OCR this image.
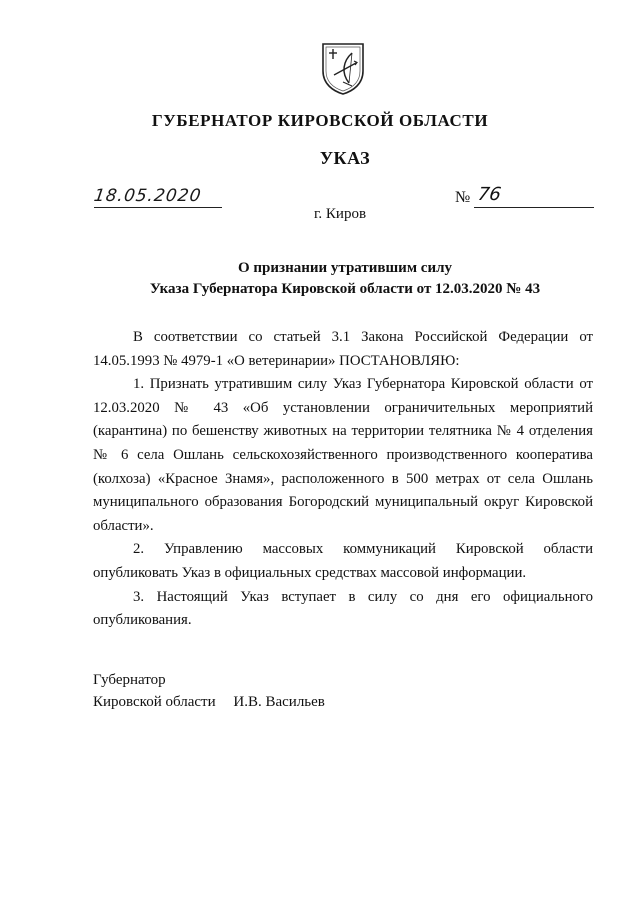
ГУБЕРНАТОР КИРОВСКОЙ ОБЛАСТИ
УКАЗ
18.05.2020	№ 76
г. Киров
О признании утратившим силу
Указа Губернатора Кировской области от 12.03.2020 № 43

В соответствии со статьей 3.1 Закона Российской Федерации от 14.05.1993 № 4979-1 «О ветеринарии» ПОСТАНОВЛЯЮ:

1. Признать утратившим силу Указ Губернатора Кировской области от 12.03.2020 № 43 «Об установлении ограничительных мероприятий (карантина) по бешенству животных на территории телятника № 4 отделения № 6 села Ошлань сельскохозяйственного производственного кооператива (колхоза) «Красное Знамя», расположенного в 500 метрах от села Ошлань муниципального образования Богородский муниципальный округ Кировской области».

2. Управлению массовых коммуникаций Кировской области опубликовать Указ в официальных средствах массовой информации.

3. Настоящий Указ вступает в силу со дня его официального опубликования.

Губернатор
Кировской области И.В. Васильев
